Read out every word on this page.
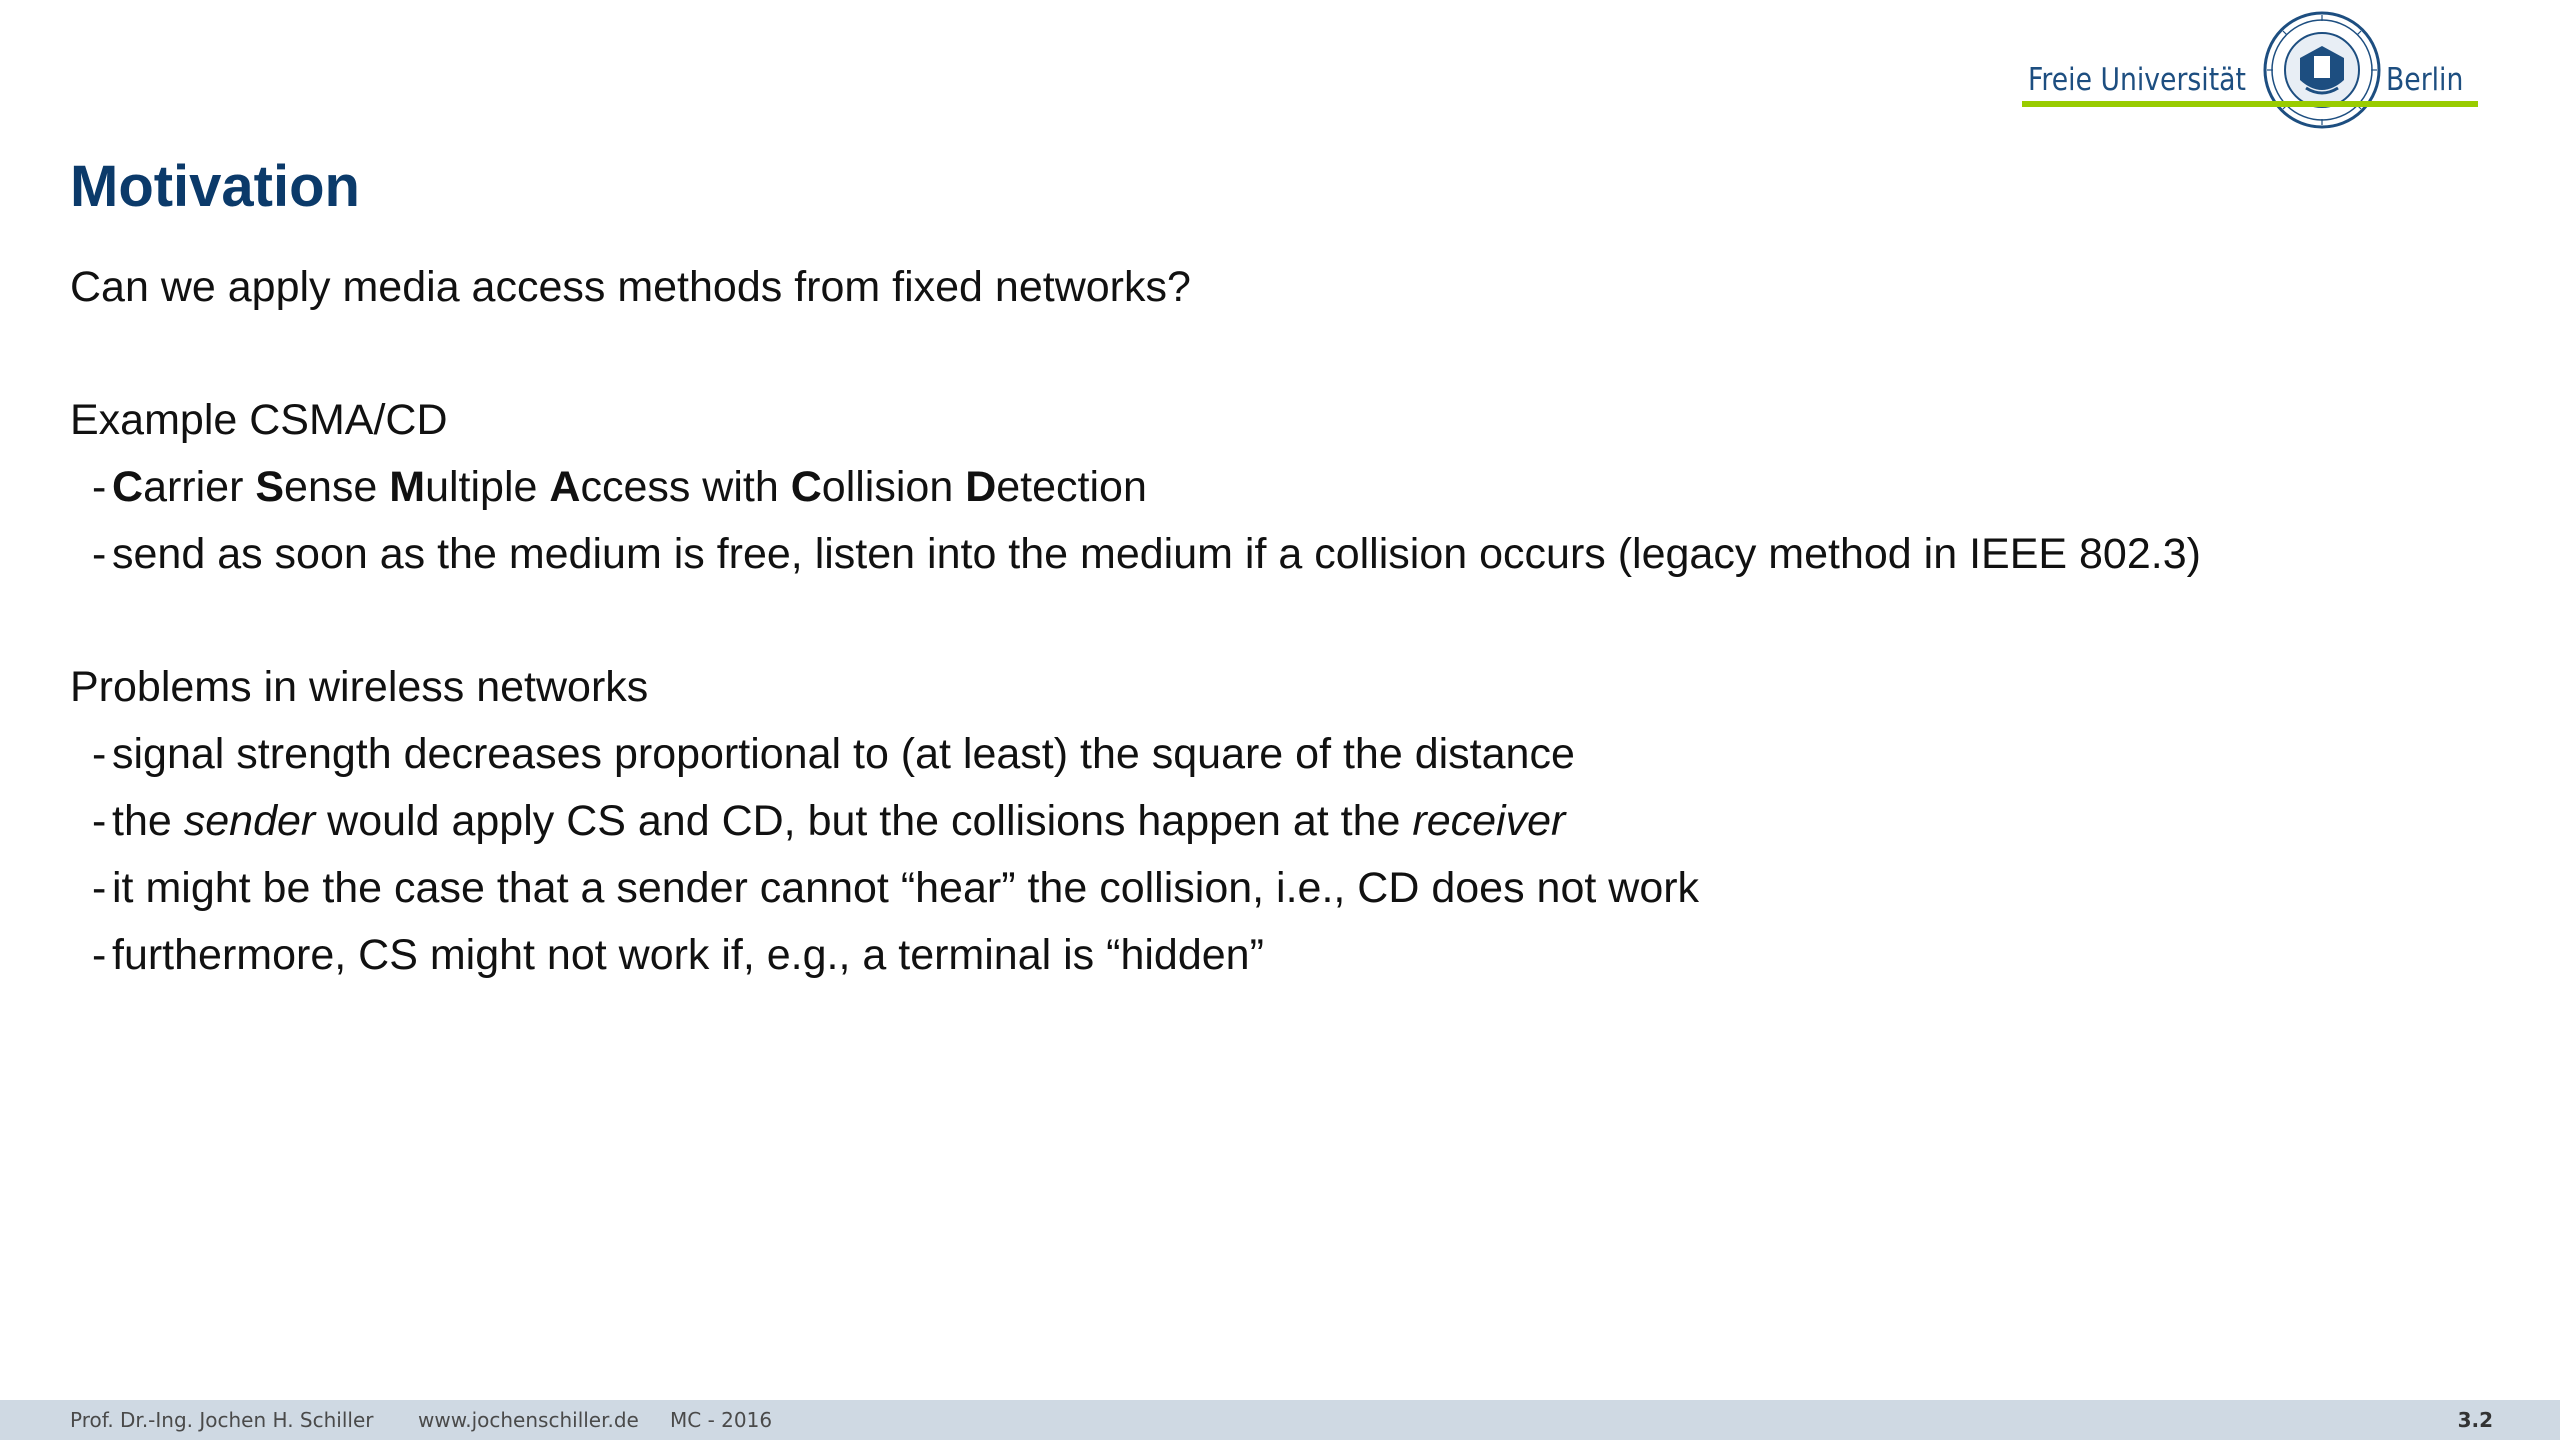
Freie Universität	Berlin
Motivation

Can we apply media access methods from fixed networks?

Example CSMA/CD

- Carrier Sense Multiple Access with Collision Detection

- send as soon as the medium is free, listen into the medium if a collision occurs (legacy method in IEEE 802.3)

Problems in wireless networks

- signal strength decreases proportional to (at least) the square of the distance

- the sender would apply CS and CD, but the collisions happen at the receiver

- it might be the case that a sender cannot “hear” the collision, i.e., CD does not work

- furthermore, CS might not work if, e.g., a terminal is “hidden”

Prof. Dr.-Ing. Jochen H. Schiller www.jochenschiller.de MC - 2016	3.2
